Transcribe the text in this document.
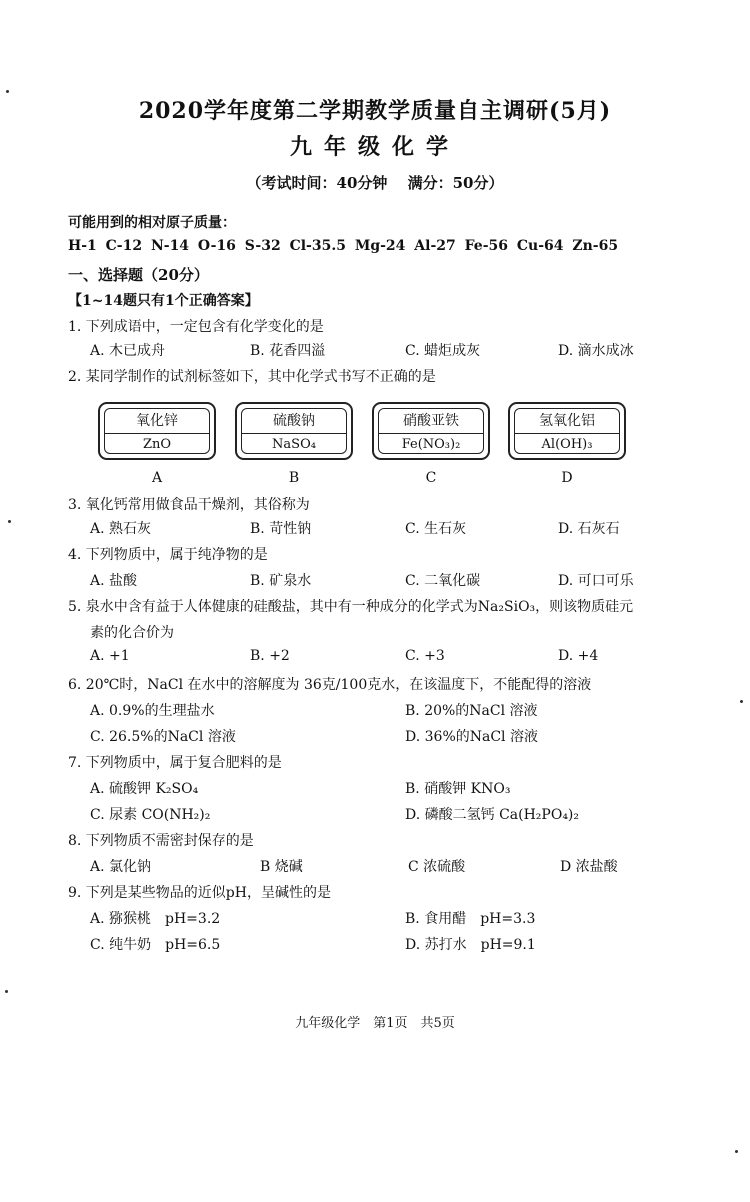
2020学年度第二学期教学质量自主调研(5月)
九年级化学
（考试时间：40分钟　 满分：50分）
可能用到的相对原子质量：
H-1 C-12 N-14 O-16 S-32 Cl-35.5 Mg-24 Al-27 Fe-56 Cu-64 Zn-65
一、选择题（20分）
【1~14题只有1个正确答案】
1. 下列成语中，一定包含有化学变化的是
A. 木已成舟	B. 花香四溢	C. 蜡炬成灰	D. 滴水成冰
2. 某同学制作的试剂标签如下，其中化学式书写不正确的是
氧化锌
ZnO
硫酸钠
NaSO₄
硝酸亚铁
Fe(NO₃)₂
氢氧化铝
Al(OH)₃
A	B	C	D
3. 氧化钙常用做食品干燥剂，其俗称为
A. 熟石灰	B. 苛性钠	C. 生石灰	D. 石灰石
4. 下列物质中，属于纯净物的是
A. 盐酸	B. 矿泉水	C. 二氧化碳	D. 可口可乐
5. 泉水中含有益于人体健康的硅酸盐，其中有一种成分的化学式为Na₂SiO₃，则该物质硅元
素的化合价为
A. +1	B. +2	C. +3	D. +4
6. 20℃时，NaCl 在水中的溶解度为 36克/100克水，在该温度下，不能配得的溶液
A. 0.9%的生理盐水	B. 20%的NaCl 溶液
C. 26.5%的NaCl 溶液	D. 36%的NaCl 溶液
7. 下列物质中，属于复合肥料的是
A. 硫酸钾 K₂SO₄	B. 硝酸钾 KNO₃
C. 尿素 CO(NH₂)₂	D. 磷酸二氢钙 Ca(H₂PO₄)₂
8. 下列物质不需密封保存的是
A. 氯化钠	B 烧碱	C 浓硫酸	D 浓盐酸
9. 下列是某些物品的近似pH，呈碱性的是
A. 猕猴桃　pH=3.2	B. 食用醋　pH=3.3
C. 纯牛奶　pH=6.5	D. 苏打水　pH=9.1
九年级化学　第1页　共5页
